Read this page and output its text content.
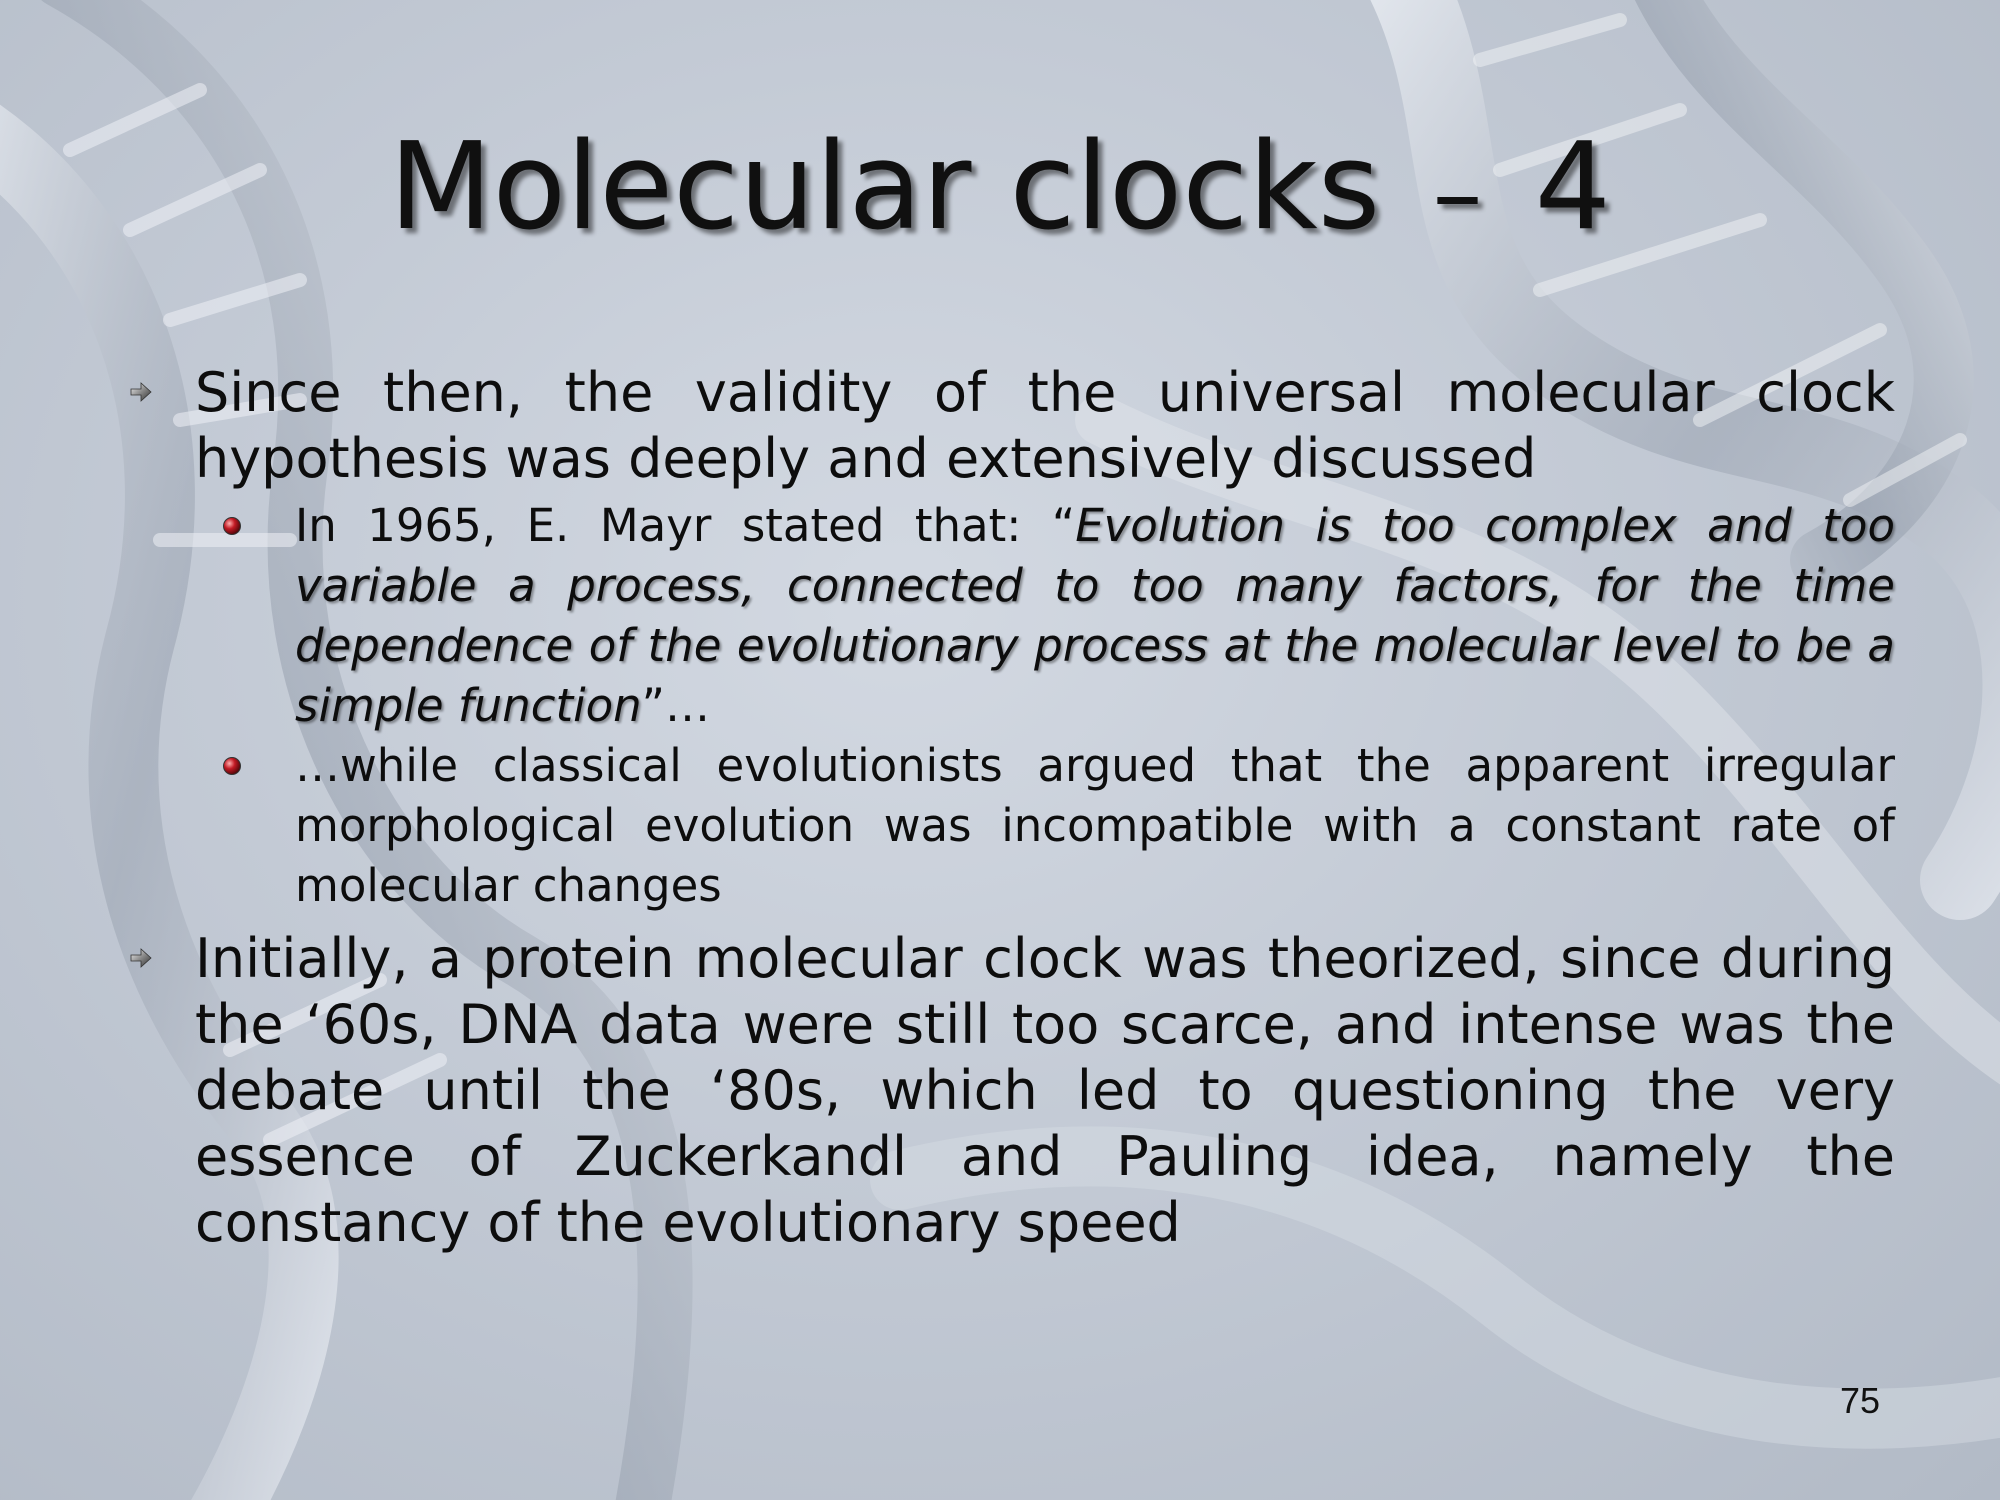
Molecular clocks – 4

Since then, the validity of the universal molecular clock hypothesis was deeply and extensively discussed

In 1965, E. Mayr stated that: “Evolution is too complex and too variable a process, connected to too many factors, for the time dependence of the evolutionary process at the molecular level to be a simple function”…

…while classical evolutionists argued that the apparent irregular morphological evolution was incompatible with a constant rate of molecular changes

Initially, a protein molecular clock was theorized, since during the ‘60s, DNA data were still too scarce, and intense was the debate until the ‘80s, which led to questioning the very essence of Zuckerkandl and Pauling idea, namely the constancy of the evolutionary speed

75
